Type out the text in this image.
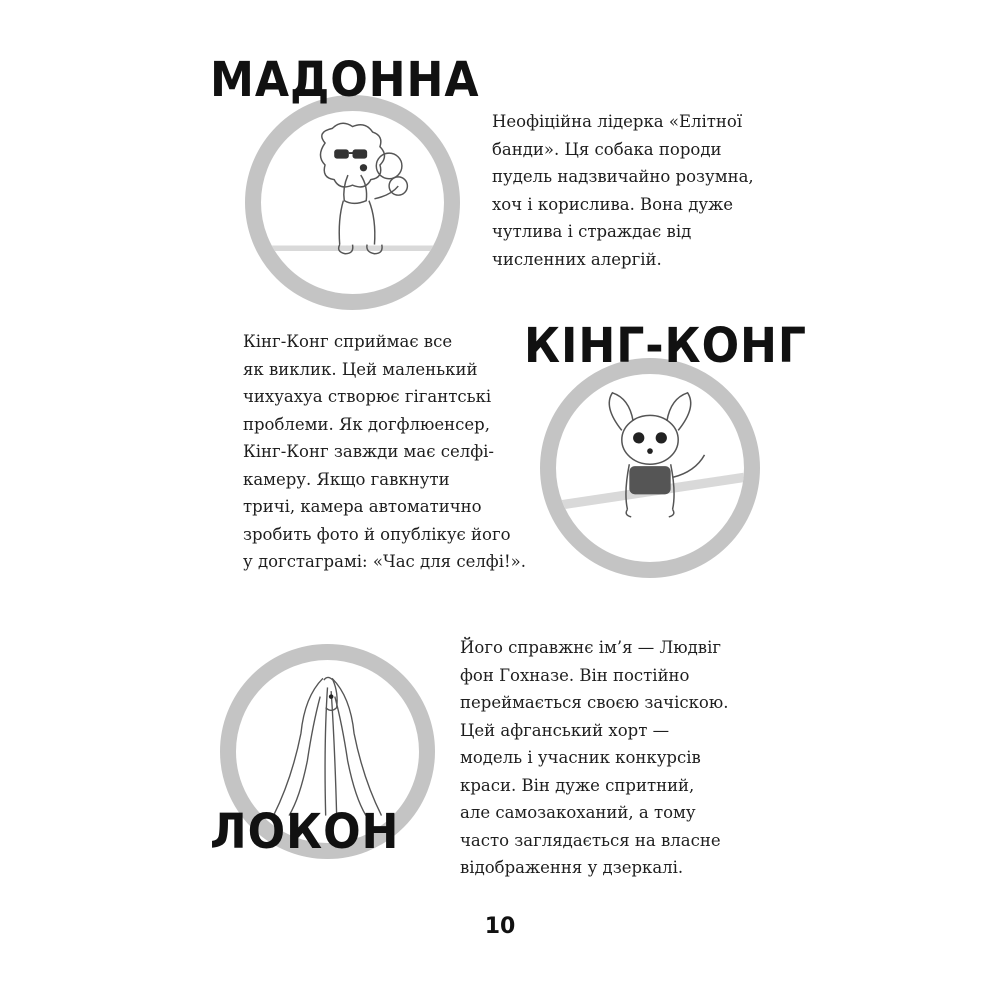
МАДОННА

Неофіційна лідерка «Елітної
банди». Ця собака породи
пудель надзвичайно розумна,
хоч і корислива. Вона дуже
чутлива і страждає від
численних алергій.

Кінг-Конг сприймає все
як виклик. Цей маленький
чихуахуа створює гігантські
проблеми. Як догфлюенсер,
Кінг-Конг завжди має селфі-
камеру. Якщо гавкнути
тричі, камера автоматично
зробить фото й опублікує його
у догстаграмі: «Час для селфі!».

КІНГ-КОНГ
ЛОКОН

Його справжнє ім’я — Людвіг
фон Гохназе. Він постійно
переймається своєю зачіскою.
Цей афганський хорт —
модель і учасник конкурсів
краси. Він дуже спритний,
але самозакоханий, а тому
часто заглядається на власне
відображення у дзеркалі.

10
